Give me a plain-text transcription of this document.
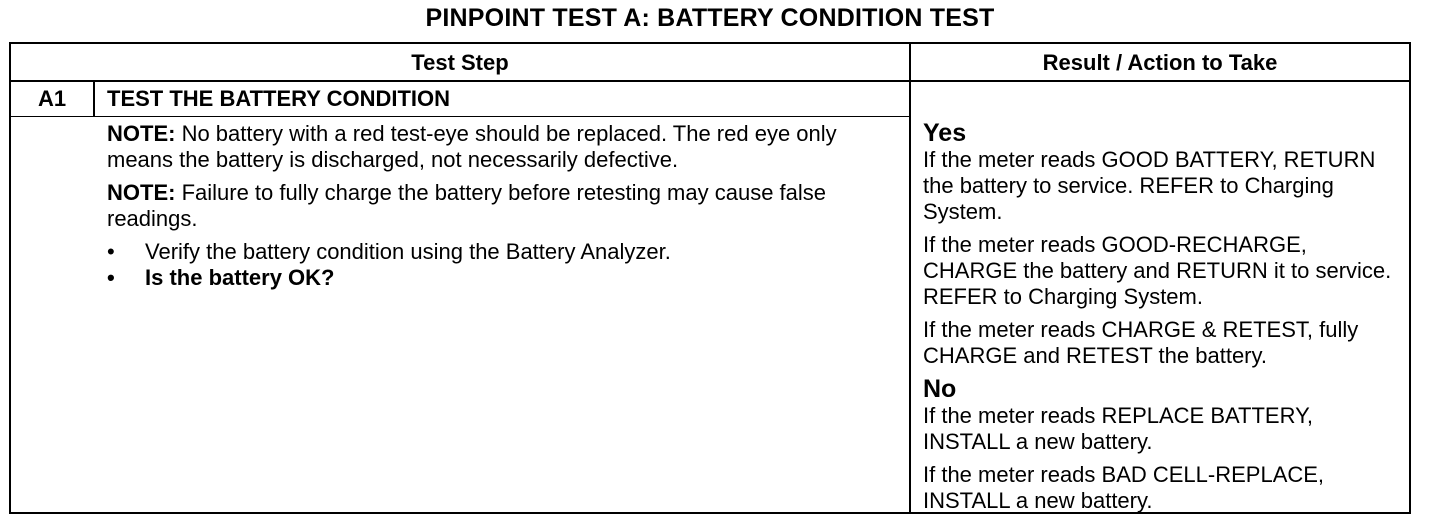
PINPOINT TEST A: BATTERY CONDITION TEST
Test Step	Result / Action to Take
A1	TEST THE BATTERY CONDITION

NOTE: No battery with a red test-eye should be replaced. The red eye only means the battery is discharged, not necessarily defective.

NOTE: Failure to fully charge the battery before retesting may cause false readings.

• Verify the battery condition using the Battery Analyzer.
• Is the battery OK?
Yes

If the meter reads GOOD BATTERY, RETURN the battery to service. REFER to Charging System.

If the meter reads GOOD-RECHARGE, CHARGE the battery and RETURN it to service. REFER to Charging System.

If the meter reads CHARGE & RETEST, fully CHARGE and RETEST the battery.

No

If the meter reads REPLACE BATTERY, INSTALL a new battery.

If the meter reads BAD CELL-REPLACE, INSTALL a new battery.
